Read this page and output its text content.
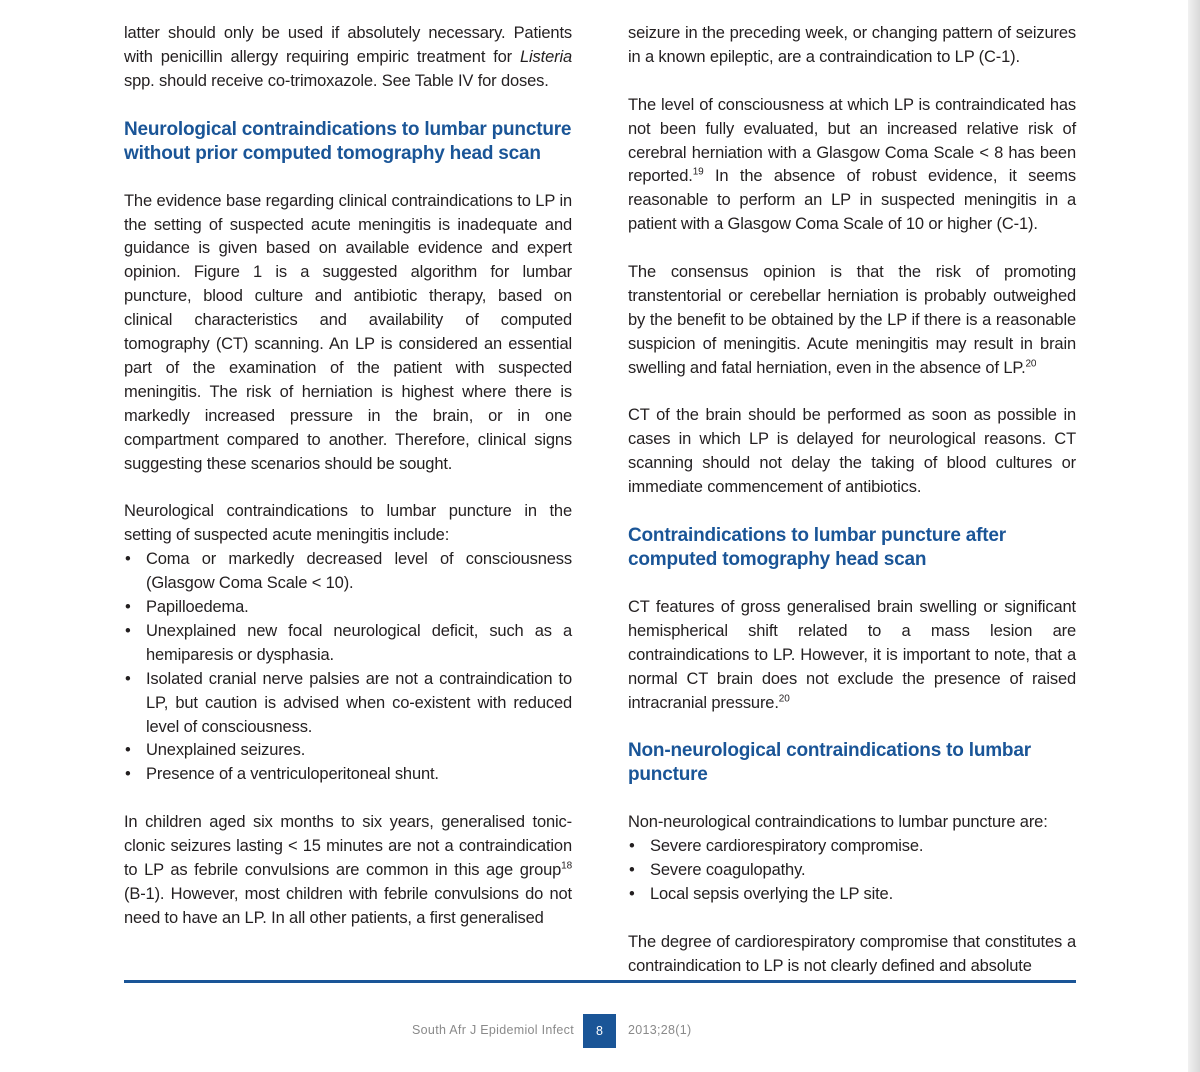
latter should only be used if absolutely necessary. Patients with penicillin allergy requiring empiric treatment for Listeria spp. should receive co-trimoxazole. See Table IV for doses.

Neurological contraindications to lumbar puncture without prior computed tomography head scan

The evidence base regarding clinical contraindications to LP in the setting of suspected acute meningitis is inadequate and guidance is given based on available evidence and expert opinion. Figure 1 is a suggested algorithm for lumbar puncture, blood culture and antibiotic therapy, based on clinical characteristics and availability of computed tomography (CT) scanning. An LP is considered an essential part of the examination of the patient with suspected meningitis. The risk of herniation is highest where there is markedly increased pressure in the brain, or in one compartment compared to another. Therefore, clinical signs suggesting these scenarios should be sought.

Neurological contraindications to lumbar puncture in the setting of suspected acute meningitis include:

• Coma or markedly decreased level of consciousness (Glasgow Coma Scale < 10).
• Papilloedema.
• Unexplained new focal neurological deficit, such as a hemiparesis or dysphasia.
• Isolated cranial nerve palsies are not a contraindication to LP, but caution is advised when co-existent with reduced level of consciousness.
• Unexplained seizures.
• Presence of a ventriculoperitoneal shunt.

In children aged six months to six years, generalised tonic-clonic seizures lasting < 15 minutes are not a contraindication to LP as febrile convulsions are common in this age group$^{18}$ (B-1). However, most children with febrile convulsions do not need to have an LP. In all other patients, a first generalised

seizure in the preceding week, or changing pattern of seizures in a known epileptic, are a contraindication to LP (C-1).

The level of consciousness at which LP is contraindicated has not been fully evaluated, but an increased relative risk of cerebral herniation with a Glasgow Coma Scale < 8 has been reported.$^{19}$ In the absence of robust evidence, it seems reasonable to perform an LP in suspected meningitis in a patient with a Glasgow Coma Scale of 10 or higher (C-1).

The consensus opinion is that the risk of promoting transtentorial or cerebellar herniation is probably outweighed by the benefit to be obtained by the LP if there is a reasonable suspicion of meningitis. Acute meningitis may result in brain swelling and fatal herniation, even in the absence of LP.$^{20}$

CT of the brain should be performed as soon as possible in cases in which LP is delayed for neurological reasons. CT scanning should not delay the taking of blood cultures or immediate commencement of antibiotics.

Contraindications to lumbar puncture after computed tomography head scan

CT features of gross generalised brain swelling or significant hemispherical shift related to a mass lesion are contraindications to LP. However, it is important to note, that a normal CT brain does not exclude the presence of raised intracranial pressure.$^{20}$

Non-neurological contraindications to lumbar puncture

Non-neurological contraindications to lumbar puncture are:

• Severe cardiorespiratory compromise.
• Severe coagulopathy.
• Local sepsis overlying the LP site.

The degree of cardiorespiratory compromise that constitutes a contraindication to LP is not clearly defined and absolute

South Afr J Epidemiol Infect	8	2013;28(1)
